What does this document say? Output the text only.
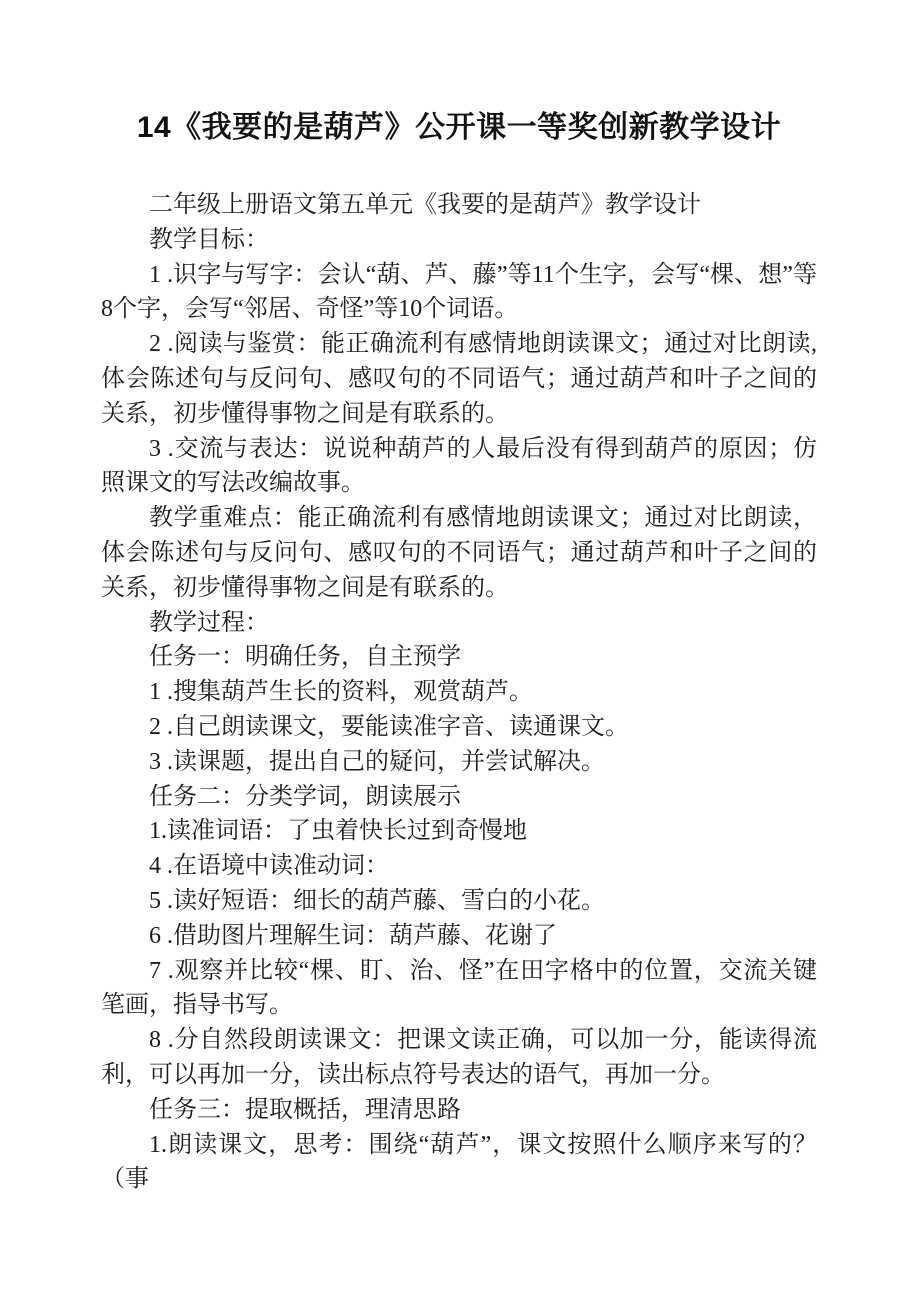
14《我要的是葫芦》公开课一等奖创新教学设计

二年级上册语文第五单元《我要的是葫芦》教学设计

教学目标：

1 .识字与写字：会认“葫、芦、藤”等11个生字，会写“棵、想”等8个字，会写“邻居、奇怪”等10个词语。

2 .阅读与鉴赏：能正确流利有感情地朗读课文；通过对比朗读,体会陈述句与反问句、感叹句的不同语气；通过葫芦和叶子之间的关系，初步懂得事物之间是有联系的。

3 .交流与表达：说说种葫芦的人最后没有得到葫芦的原因；仿照课文的写法改编故事。

教学重难点：能正确流利有感情地朗读课文；通过对比朗读，体会陈述句与反问句、感叹句的不同语气；通过葫芦和叶子之间的关系，初步懂得事物之间是有联系的。

教学过程：

任务一：明确任务，自主预学

1 .搜集葫芦生长的资料，观赏葫芦。

2 .自己朗读课文，要能读准字音、读通课文。

3 .读课题，提出自己的疑问，并尝试解决。

任务二：分类学词，朗读展示

1.读准词语：了虫着快长过到奇慢地

4 .在语境中读准动词：

5 .读好短语：细长的葫芦藤、雪白的小花。

6 .借助图片理解生词：葫芦藤、花谢了

7 .观察并比较“棵、盯、治、怪”在田字格中的位置，交流关键笔画，指导书写。

8 .分自然段朗读课文：把课文读正确，可以加一分，能读得流利，可以再加一分，读出标点符号表达的语气，再加一分。

任务三：提取概括，理清思路

1.朗读课文，思考：围绕“葫芦”，课文按照什么顺序来写的？（事
